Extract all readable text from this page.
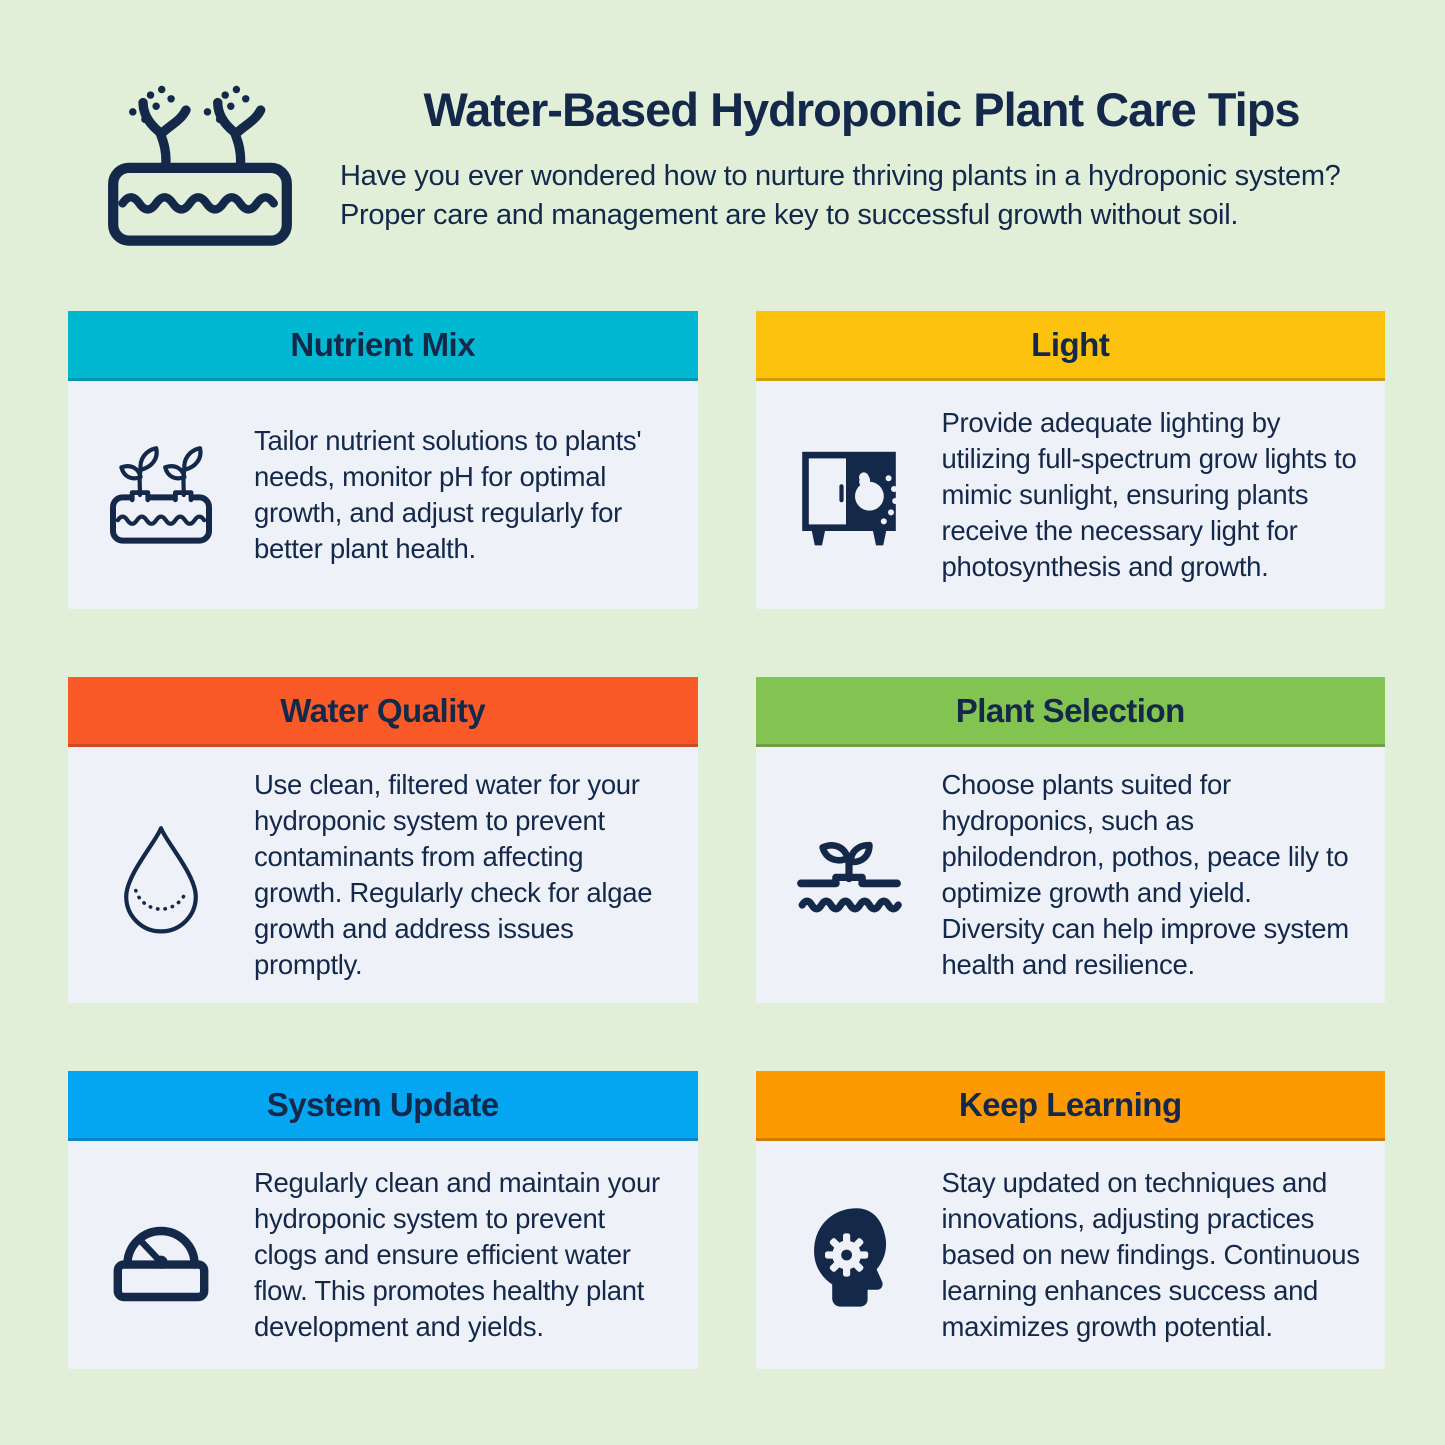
Water-Based Hydroponic Plant Care Tips

Have you ever wondered how to nurture thriving plants in a hydroponic system? Proper care and management are key to successful growth without soil.

Nutrient Mix
Tailor nutrient solutions to plants' needs, monitor pH for optimal growth, and adjust regularly for better plant health.
Light
Provide adequate lighting by utilizing full-spectrum grow lights to mimic sunlight, ensuring plants receive the necessary light for photosynthesis and growth.
Water Quality
Use clean, filtered water for your hydroponic system to prevent contaminants from affecting growth. Regularly check for algae growth and address issues promptly.
Plant Selection
Choose plants suited for hydroponics, such as philodendron, pothos, peace lily to optimize growth and yield. Diversity can help improve system health and resilience.
System Update
Regularly clean and maintain your hydroponic system to prevent clogs and ensure efficient water flow. This promotes healthy plant development and yields.
Keep Learning
Stay updated on techniques and innovations, adjusting practices based on new findings. Continuous learning enhances success and maximizes growth potential.
